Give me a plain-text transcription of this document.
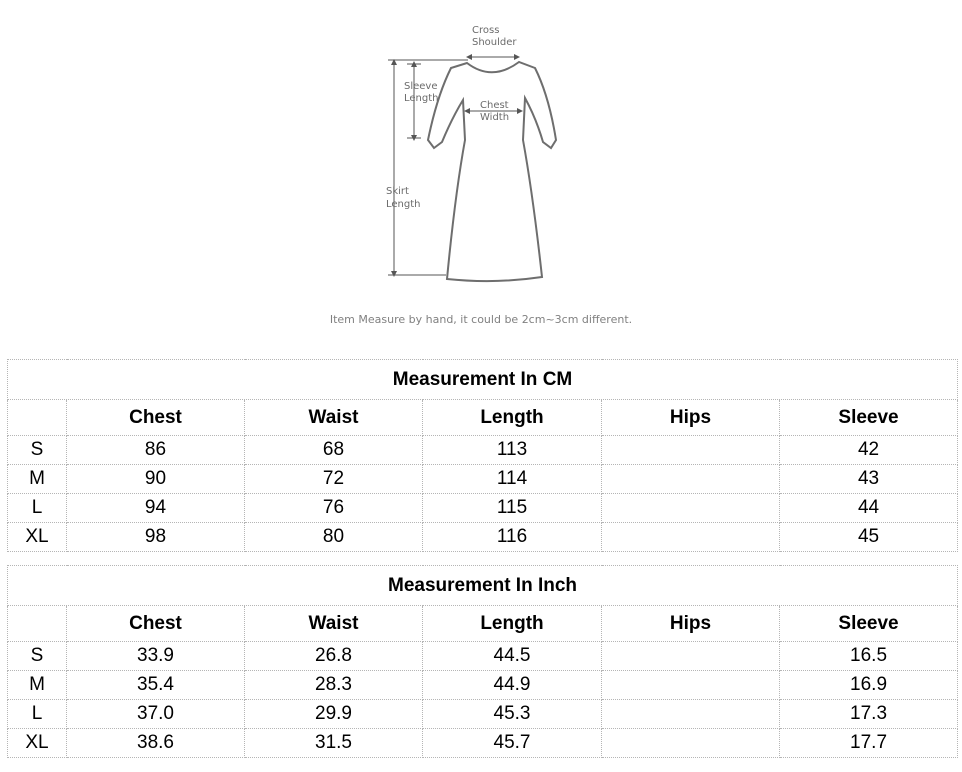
Cross
Shoulder
Sleeve
Length
Chest
Width
Skirt
Length
Item Measure by hand, it could be 2cm~3cm different.
Measurement In CM					
	Chest	Waist	Length	Hips	Sleeve
S	86	68	113		42
M	90	72	114		43
L	94	76	115		44
XL	98	80	116		45
Measurement In Inch					
	Chest	Waist	Length	Hips	Sleeve
S	33.9	26.8	44.5		16.5
M	35.4	28.3	44.9		16.9
L	37.0	29.9	45.3		17.3
XL	38.6	31.5	45.7		17.7
